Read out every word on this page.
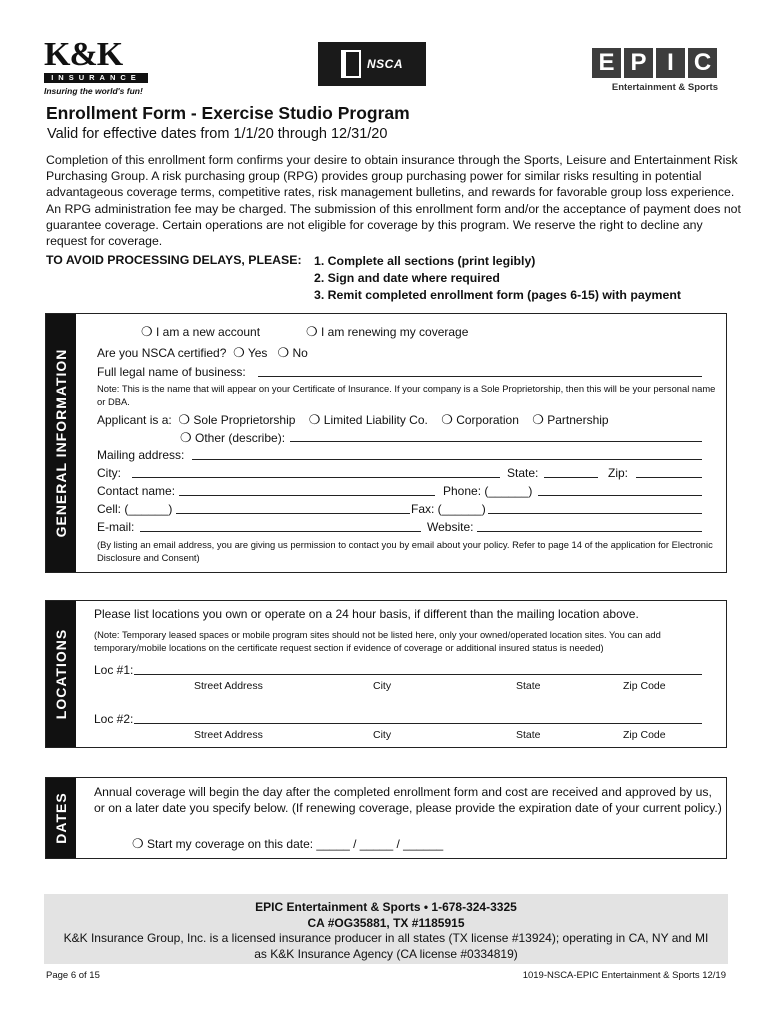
K&K
INSURANCE
Insuring the world's fun!
NSCA	E P I C
Entertainment & Sports
Enrollment Form - Exercise Studio Program
Valid for effective dates from 1/1/20 through 12/31/20
Completion of this enrollment form confirms your desire to obtain insurance through the Sports, Leisure and Entertainment Risk Purchasing Group. A risk purchasing group (RPG) provides group purchasing power for similar risks resulting in potential advantageous coverage terms, competitive rates, risk management bulletins, and rewards for favorable group loss experience. An RPG administration fee may be charged. The submission of this enrollment form and/or the acceptance of payment does not guarantee coverage. Certain operations are not eligible for coverage by this program. We reserve the right to decline any request for coverage.
TO AVOID PROCESSING DELAYS, PLEASE: 1. Complete all sections (print legibly)
2. Sign and date where required
3. Remit completed enrollment form (pages 6-15) with payment
GENERAL INFORMATION
❍ I am a new account	❍ I am renewing my coverage
Are you NSCA certified? ❍ Yes ❍ No
Full legal name of business:
Note: This is the name that will appear on your Certificate of Insurance. If your company is a Sole Proprietorship, then this will be your personal name or DBA.
Applicant is a: ❍ Sole Proprietorship ❍ Limited Liability Co. ❍ Corporation ❍ Partnership
❍ Other (describe):
Mailing address:
City:	State:	Zip:
Contact name:	Phone: (______)
Cell: (______)	Fax: (______)
E-mail:	Website:
(By listing an email address, you are giving us permission to contact you by email about your policy. Refer to page 14 of the application for Electronic Disclosure and Consent)
LOCATIONS
Please list locations you own or operate on a 24 hour basis, if different than the mailing location above.
(Note: Temporary leased spaces or mobile program sites should not be listed here, only your owned/operated location sites. You can add temporary/mobile locations on the certificate request section if evidence of coverage or additional insured status is needed)
Loc #1:
Street Address	City	State	Zip Code
Loc #2:
Street Address	City	State	Zip Code
DATES
Annual coverage will begin the day after the completed enrollment form and cost are received and approved by us, or on a later date you specify below. (If renewing coverage, please provide the expiration date of your current policy.)
❍ Start my coverage on this date: _____ / _____ / ______
EPIC Entertainment & Sports • 1-678-324-3325
CA #OG35881, TX #1185915
K&K Insurance Group, Inc. is a licensed insurance producer in all states (TX license #13924); operating in CA, NY and MI as K&K Insurance Agency (CA license #0334819)
Page 6 of 15	1019-NSCA-EPIC Entertainment & Sports 12/19
